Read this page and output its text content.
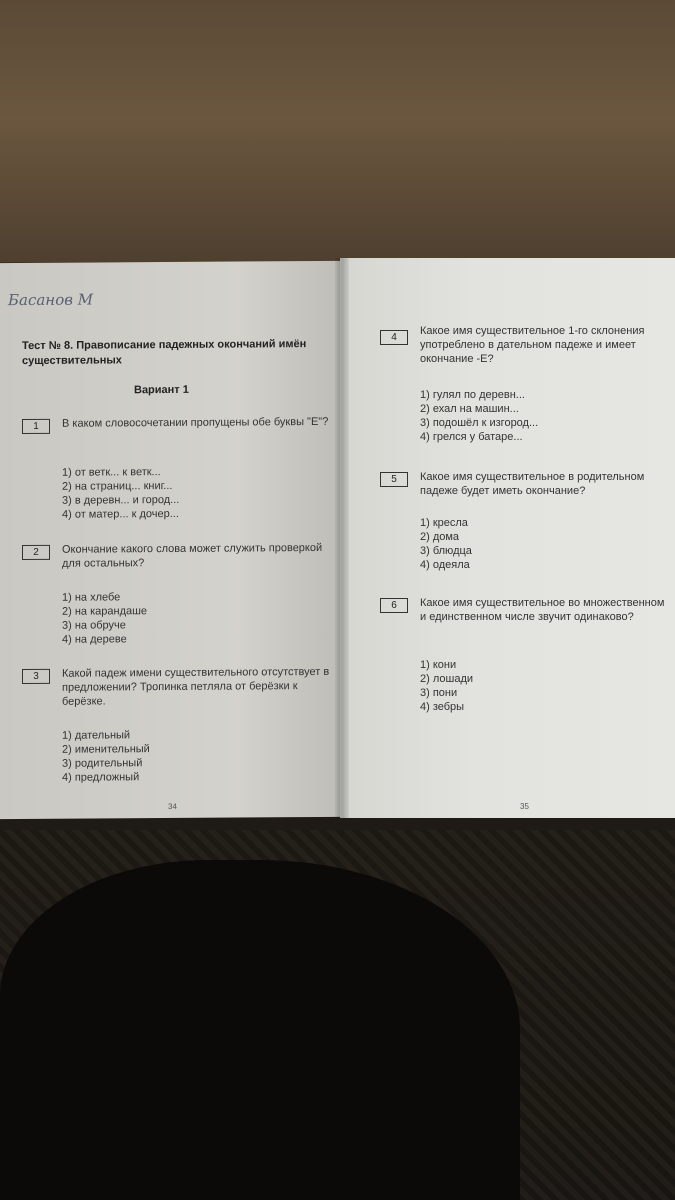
Басанов М
Тест № 8. Правописание падежных окончаний имён существительных
Вариант 1
1	В каком словосочетании пропущены обе буквы "Е"?
1) от ветк... к ветк...
2) на страниц... книг...
3) в деревн... и город...
4) от матер... к дочер...
2	Окончание какого слова может служить проверкой для остальных?
1) на хлебе
2) на карандаше
3) на обруче
4) на дереве
3	Какой падеж имени существительного отсутствует в предложении? Тропинка петляла от берёзки к берёзке.
1) дательный
2) именительный
3) родительный
4) предложный
34
4
Какое имя существительное 1-го склонения употреблено в дательном падеже и имеет окончание -Е?
1) гулял по деревн...
2) ехал на машин...
3) подошёл к изгород...
4) грелся у батаре...
5	Какое имя существительное в родительном падеже будет иметь окончание?
1) кресла
2) дома
3) блюдца
4) одеяла
6	Какое имя существительное во множественном и единственном числе звучит одинаково?
1) кони
2) лошади
3) пони
4) зебры
35
